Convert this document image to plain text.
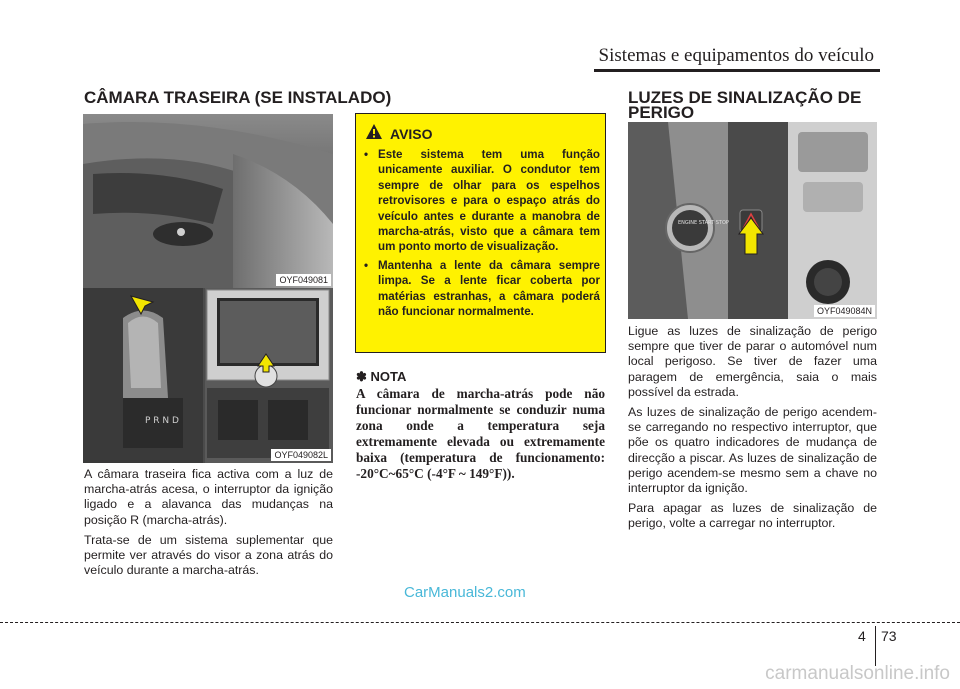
Sistemas e equipamentos do veículo
CÂMARA TRASEIRA (SE INSTALADO)
OYF049081
P R N D
OYF049082L

A câmara traseira fica activa com a luz de marcha-atrás acesa, o interruptor da ignição ligado e a alavanca das mudanças na posição R (marcha-atrás).

Trata-se de um sistema suplementar que permite ver através do visor a zona atrás do veículo durante a marcha-atrás.

AVISO
• Este sistema tem uma função unicamente auxiliar. O condutor tem sempre de olhar para os espelhos retrovisores e para o espaço atrás do veículo antes e durante a manobra de marcha-atrás, visto que a câmara tem um ponto morto de visualização.
• Mantenha a lente da câmara sempre limpa. Se a lente ficar coberta por matérias estranhas, a câmara poderá não funcionar normalmente.
✽ NOTA
A câmara de marcha-atrás pode não funcionar normalmente se conduzir numa zona onde a temperatura seja extremamente elevada ou extremamente baixa (temperatura de funcionamento: -20°C~65°C (-4°F ~ 149°F)).
LUZES DE SINALIZAÇÃO DE PERIGO
ENGINE START STOP
OYF049084N

Ligue as luzes de sinalização de perigo sempre que tiver de parar o automóvel num local perigoso. Se tiver de fazer uma paragem de emergência, saia o mais possível da estrada.

As luzes de sinalização de perigo acendem-se carregando no respectivo interruptor, que põe os quatro indicadores de mudança de direcção a piscar. As luzes de sinalização de perigo acendem-se mesmo sem a chave no interruptor da ignição.

Para apagar as luzes de sinalização de perigo, volte a carregar no interruptor.

CarManuals2.com
4 73
carmanualsonline.info
